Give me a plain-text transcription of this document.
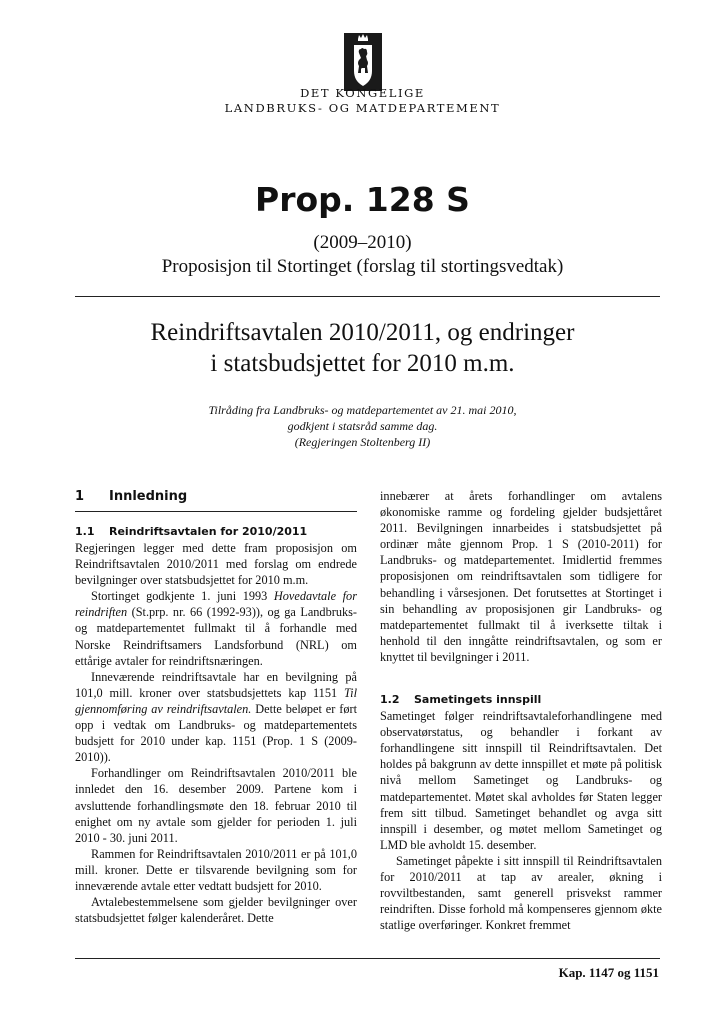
DET KONGELIGE
LANDBRUKS- OG MATDEPARTEMENT
Prop. 128 S
(2009–2010)
Proposisjon til Stortinget (forslag til stortingsvedtak)
Reindriftsavtalen 2010/2011, og endringer
i statsbudsjettet for 2010 m.m.
Tilråding fra Landbruks- og matdepartementet av 21. mai 2010,
godkjent i statsråd samme dag.
(Regjeringen Stoltenberg II)
1 Innledning
1.1 Reindriftsavtalen for 2010/2011

Regjeringen legger med dette fram proposisjon om Reindriftsavtalen 2010/2011 med forslag om endrede bevilgninger over statsbudsjettet for 2010 m.m.

Stortinget godkjente 1. juni 1993 Hovedavtale for reindriften (St.prp. nr. 66 (1992-93)), og ga Landbruks- og matdepartementet fullmakt til å forhandle med Norske Reindriftsamers Landsforbund (NRL) om ettårige avtaler for reindriftsnæringen.

Inneværende reindriftsavtale har en bevilgning på 101,0 mill. kroner over statsbudsjettets kap 1151 Til gjennomføring av reindriftsavtalen. Dette beløpet er ført opp i vedtak om Landbruks- og matdepartementets budsjett for 2010 under kap. 1151 (Prop. 1 S (2009-2010)).

Forhandlinger om Reindriftsavtalen 2010/2011 ble innledet den 16. desember 2009. Partene kom i avsluttende forhandlingsmøte den 18. februar 2010 til enighet om ny avtale som gjelder for perioden 1. juli 2010 - 30. juni 2011.

Rammen for Reindriftsavtalen 2010/2011 er på 101,0 mill. kroner. Dette er tilsvarende bevilgning som for inneværende avtale etter vedtatt budsjett for 2010.

Avtalebestemmelsene som gjelder bevilgninger over statsbudsjettet følger kalenderåret. Dette

innebærer at årets forhandlinger om avtalens økonomiske ramme og fordeling gjelder budsjettåret 2011. Bevilgningen innarbeides i statsbudsjettet på ordinær måte gjennom Prop. 1 S (2010-2011) for Landbruks- og matdepartementet. Imidlertid fremmes proposisjonen om reindriftsavtalen som tidligere for behandling i vårsesjonen. Det forutsettes at Stortinget i sin behandling av proposisjonen gir Landbruks- og matdepartementet fullmakt til å iverksette tiltak i henhold til den inngåtte reindriftsavtalen, og som er knyttet til bevilgninger i 2011.

1.2 Sametingets innspill

Sametinget følger reindriftsavtaleforhandlingene med observatørstatus, og behandler i forkant av forhandlingene sitt innspill til Reindriftsavtalen. Det holdes på bakgrunn av dette innspillet et møte på politisk nivå mellom Sametinget og Landbruks- og matdepartementet. Møtet skal avholdes før Staten legger frem sitt tilbud. Sametinget behandlet og avga sitt innspill i desember, og møtet mellom Sametinget og LMD ble avholdt 15. desember.

Sametinget påpekte i sitt innspill til Reindriftsavtalen for 2010/2011 at tap av arealer, økning i rovviltbestanden, samt generell prisvekst rammer reindriften. Disse forhold må kompenseres gjennom økte statlige overføringer. Konkret fremmet

Kap. 1147 og 1151
